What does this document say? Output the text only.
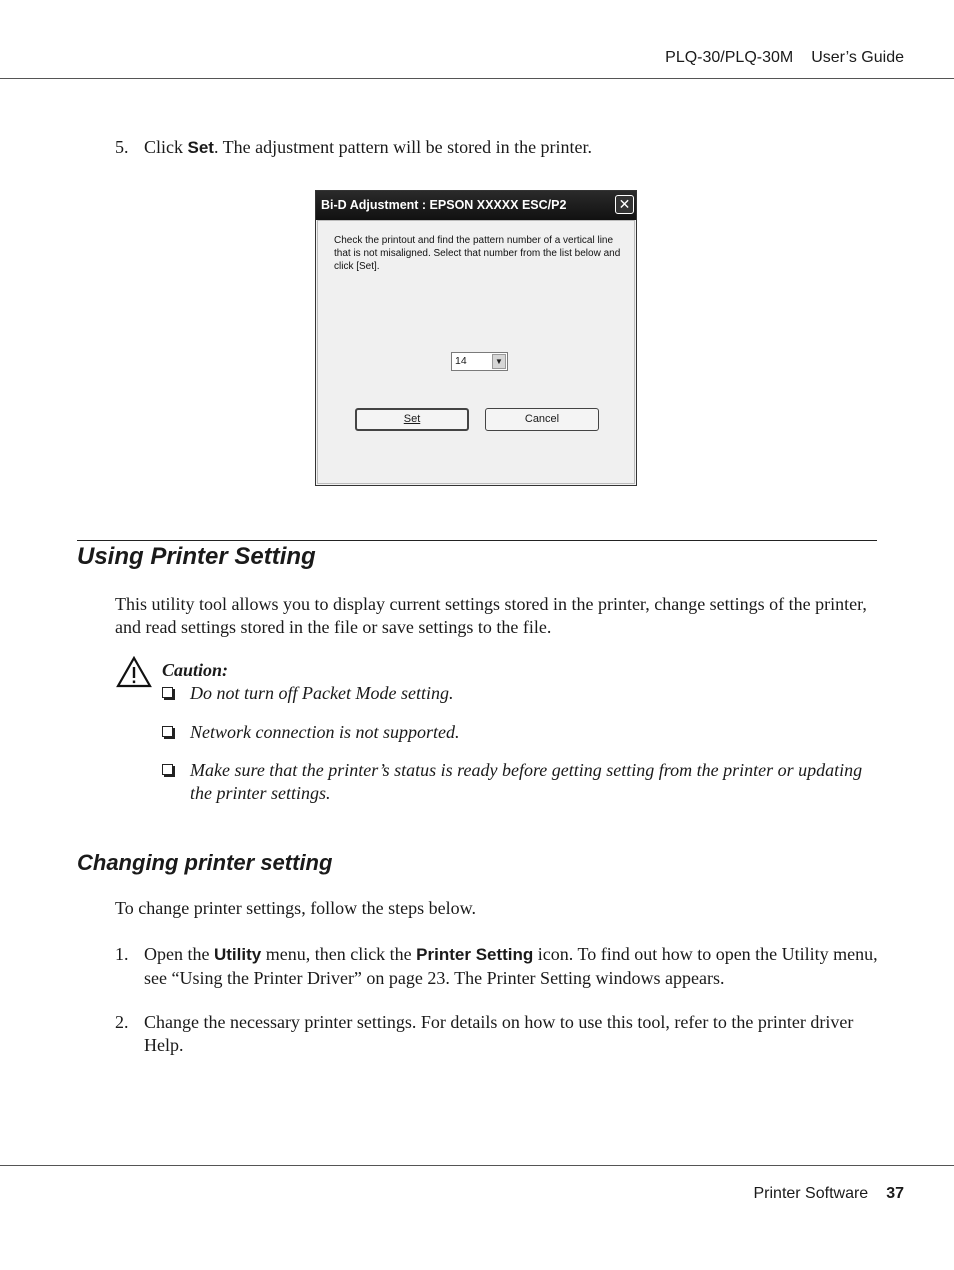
PLQ-30/PLQ-30M User’s Guide
5. Click Set. The adjustment pattern will be stored in the printer.
Bi-D Adjustment : EPSON XXXXX ESC/P2	✕
Check the printout and find the pattern number of a vertical line that is not misaligned. Select that number from the list below and click [Set].
14	▼
Set	Cancel
Using Printer Setting
This utility tool allows you to display current settings stored in the printer, change settings of the printer, and read settings stored in the file or save settings to the file.
Caution:
Do not turn off Packet Mode setting.
Network connection is not supported.
Make sure that the printer’s status is ready before getting setting from the printer or updating the printer settings.
Changing printer setting
To change printer settings, follow the steps below.
1. Open the Utility menu, then click the Printer Setting icon. To find out how to open the Utility menu, see “Using the Printer Driver” on page 23. The Printer Setting windows appears.
2. Change the necessary printer settings. For details on how to use this tool, refer to the printer driver Help.
Printer Software 37
